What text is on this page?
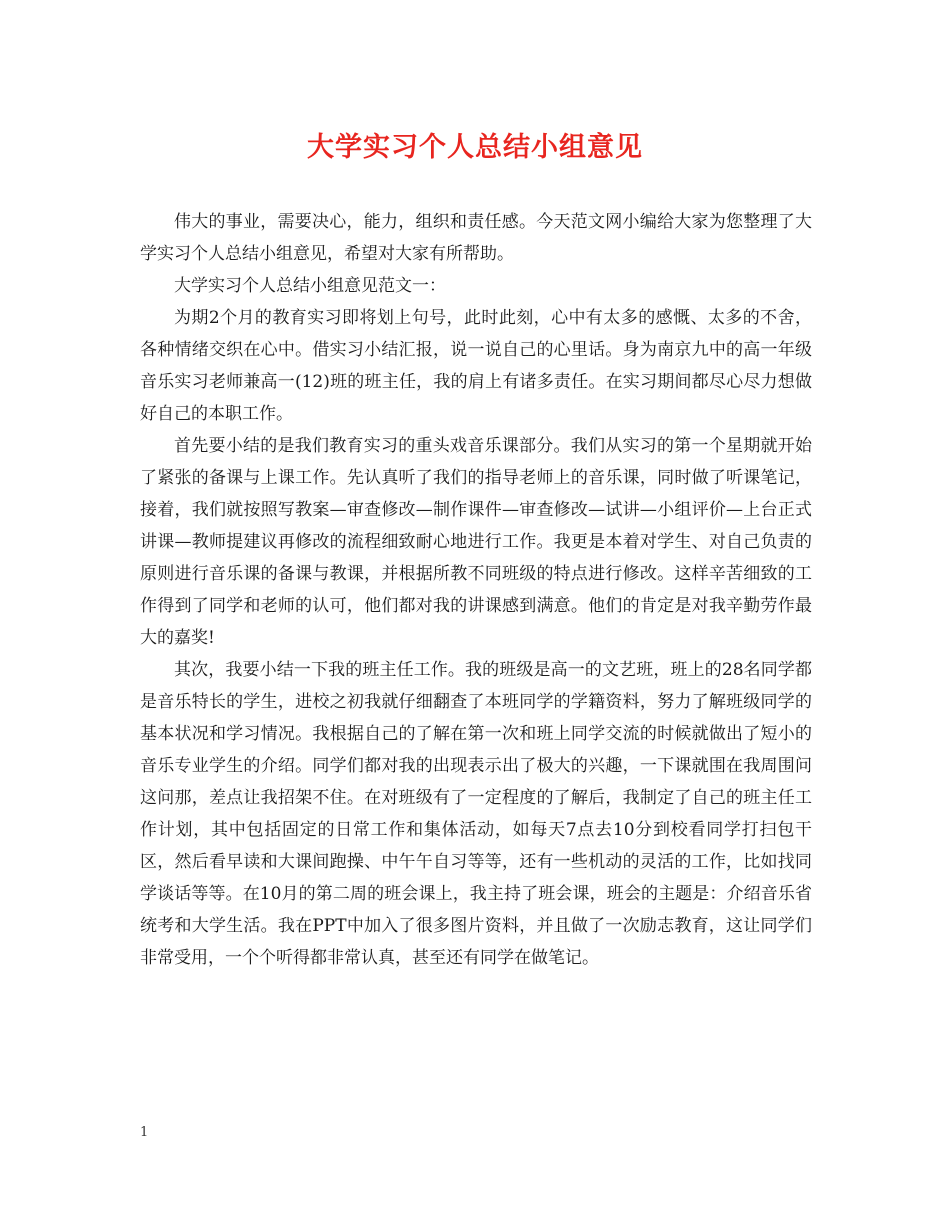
大学实习个人总结小组意见

伟大的事业，需要决心，能力，组织和责任感。今天范文网小编给大家为您整理了大学实习个人总结小组意见，希望对大家有所帮助。

大学实习个人总结小组意见范文一：

为期2个月的教育实习即将划上句号，此时此刻，心中有太多的感慨、太多的不舍，各种情绪交织在心中。借实习小结汇报，说一说自己的心里话。身为南京九中的高一年级音乐实习老师兼高一(12)班的班主任，我的肩上有诸多责任。在实习期间都尽心尽力想做好自己的本职工作。

首先要小结的是我们教育实习的重头戏音乐课部分。我们从实习的第一个星期就开始了紧张的备课与上课工作。先认真听了我们的指导老师上的音乐课，同时做了听课笔记，接着，我们就按照写教案—审查修改—制作课件—审查修改—试讲—小组评价—上台正式讲课—教师提建议再修改的流程细致耐心地进行工作。我更是本着对学生、对自己负责的原则进行音乐课的备课与教课，并根据所教不同班级的特点进行修改。这样辛苦细致的工作得到了同学和老师的认可，他们都对我的讲课感到满意。他们的肯定是对我辛勤劳作最大的嘉奖!

其次，我要小结一下我的班主任工作。我的班级是高一的文艺班，班上的28名同学都是音乐特长的学生，进校之初我就仔细翻查了本班同学的学籍资料，努力了解班级同学的基本状况和学习情况。我根据自己的了解在第一次和班上同学交流的时候就做出了短小的音乐专业学生的介绍。同学们都对我的出现表示出了极大的兴趣，一下课就围在我周围问这问那，差点让我招架不住。在对班级有了一定程度的了解后，我制定了自己的班主任工作计划，其中包括固定的日常工作和集体活动，如每天7点去10分到校看同学打扫包干区，然后看早读和大课间跑操、中午午自习等等，还有一些机动的灵活的工作，比如找同学谈话等等。在10月的第二周的班会课上，我主持了班会课，班会的主题是：介绍音乐省统考和大学生活。我在PPT中加入了很多图片资料，并且做了一次励志教育，这让同学们非常受用，一个个听得都非常认真，甚至还有同学在做笔记。

1
